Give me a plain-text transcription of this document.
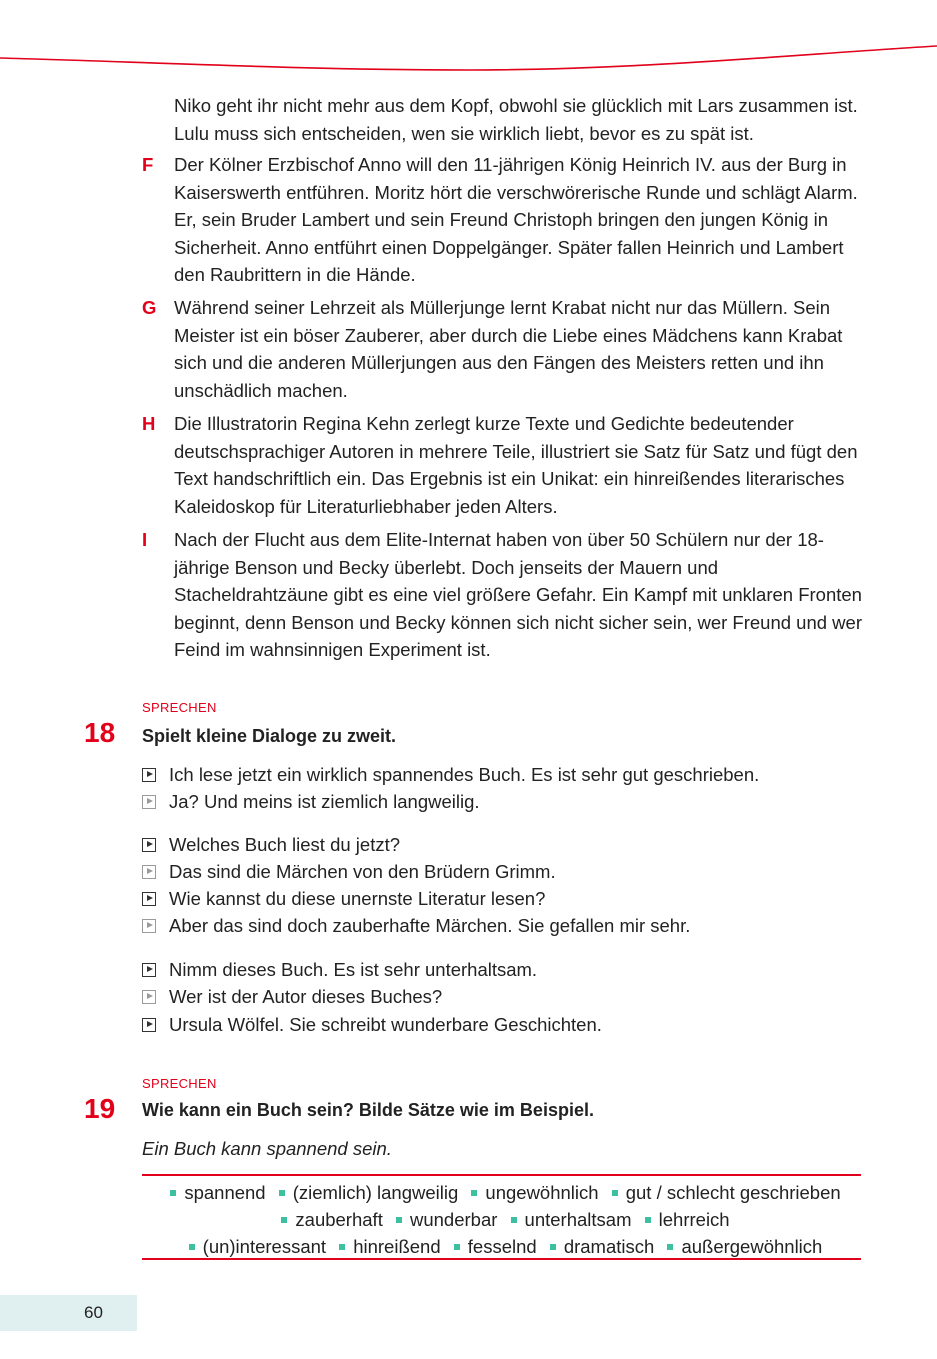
Niko geht ihr nicht mehr aus dem Kopf, obwohl sie glücklich mit Lars zusammen ist. Lulu muss sich entscheiden, wen sie wirklich liebt, bevor es zu spät ist.
F Der Kölner Erzbischof Anno will den 11-jährigen König Heinrich IV. aus der Burg in Kaiserswerth entführen. Moritz hört die verschwörerische Runde und schlägt Alarm. Er, sein Bruder Lambert und sein Freund Christoph bringen den jungen König in Sicherheit. Anno entführt einen Doppelgänger. Später fallen Heinrich und Lambert den Raubrittern in die Hände.
G Während seiner Lehrzeit als Müllerjunge lernt Krabat nicht nur das Müllern. Sein Meister ist ein böser Zauberer, aber durch die Liebe eines Mädchens kann Krabat sich und die anderen Müllerjungen aus den Fängen des Meisters retten und ihn unschädlich machen.
H Die Illustratorin Regina Kehn zerlegt kurze Texte und Gedichte bedeutender deutschsprachiger Autoren in mehrere Teile, illustriert sie Satz für Satz und fügt den Text handschriftlich ein. Das Ergebnis ist ein Unikat: ein hinreißendes literarisches Kaleidoskop für Literaturliebhaber jeden Alters.
I Nach der Flucht aus dem Elite-Internat haben von über 50 Schülern nur der 18-jährige Benson und Becky überlebt. Doch jenseits der Mauern und Stacheldrahtzäune gibt es eine viel größere Gefahr. Ein Kampf mit unklaren Fronten beginnt, denn Benson und Becky können sich nicht sicher sein, wer Freund und wer Feind im wahnsinnigen Experiment ist.
SPRECHEN
18 Spielt kleine Dialoge zu zweit.
Ich lese jetzt ein wirklich spannendes Buch. Es ist sehr gut geschrieben.
Ja? Und meins ist ziemlich langweilig.
Welches Buch liest du jetzt?
Das sind die Märchen von den Brüdern Grimm.
Wie kannst du diese unernste Literatur lesen?
Aber das sind doch zauberhafte Märchen. Sie gefallen mir sehr.
Nimm dieses Buch. Es ist sehr unterhaltsam.
Wer ist der Autor dieses Buches?
Ursula Wölfel. Sie schreibt wunderbare Geschichten.
SPRECHEN
19 Wie kann ein Buch sein? Bilde Sätze wie im Beispiel.
Ein Buch kann spannend sein.
spannend (ziemlich) langweilig ungewöhnlich gut / schlecht geschrieben
zauberhaft wunderbar unterhaltsam lehrreich
(un)interessant hinreißend fesselnd dramatisch außergewöhnlich
60
